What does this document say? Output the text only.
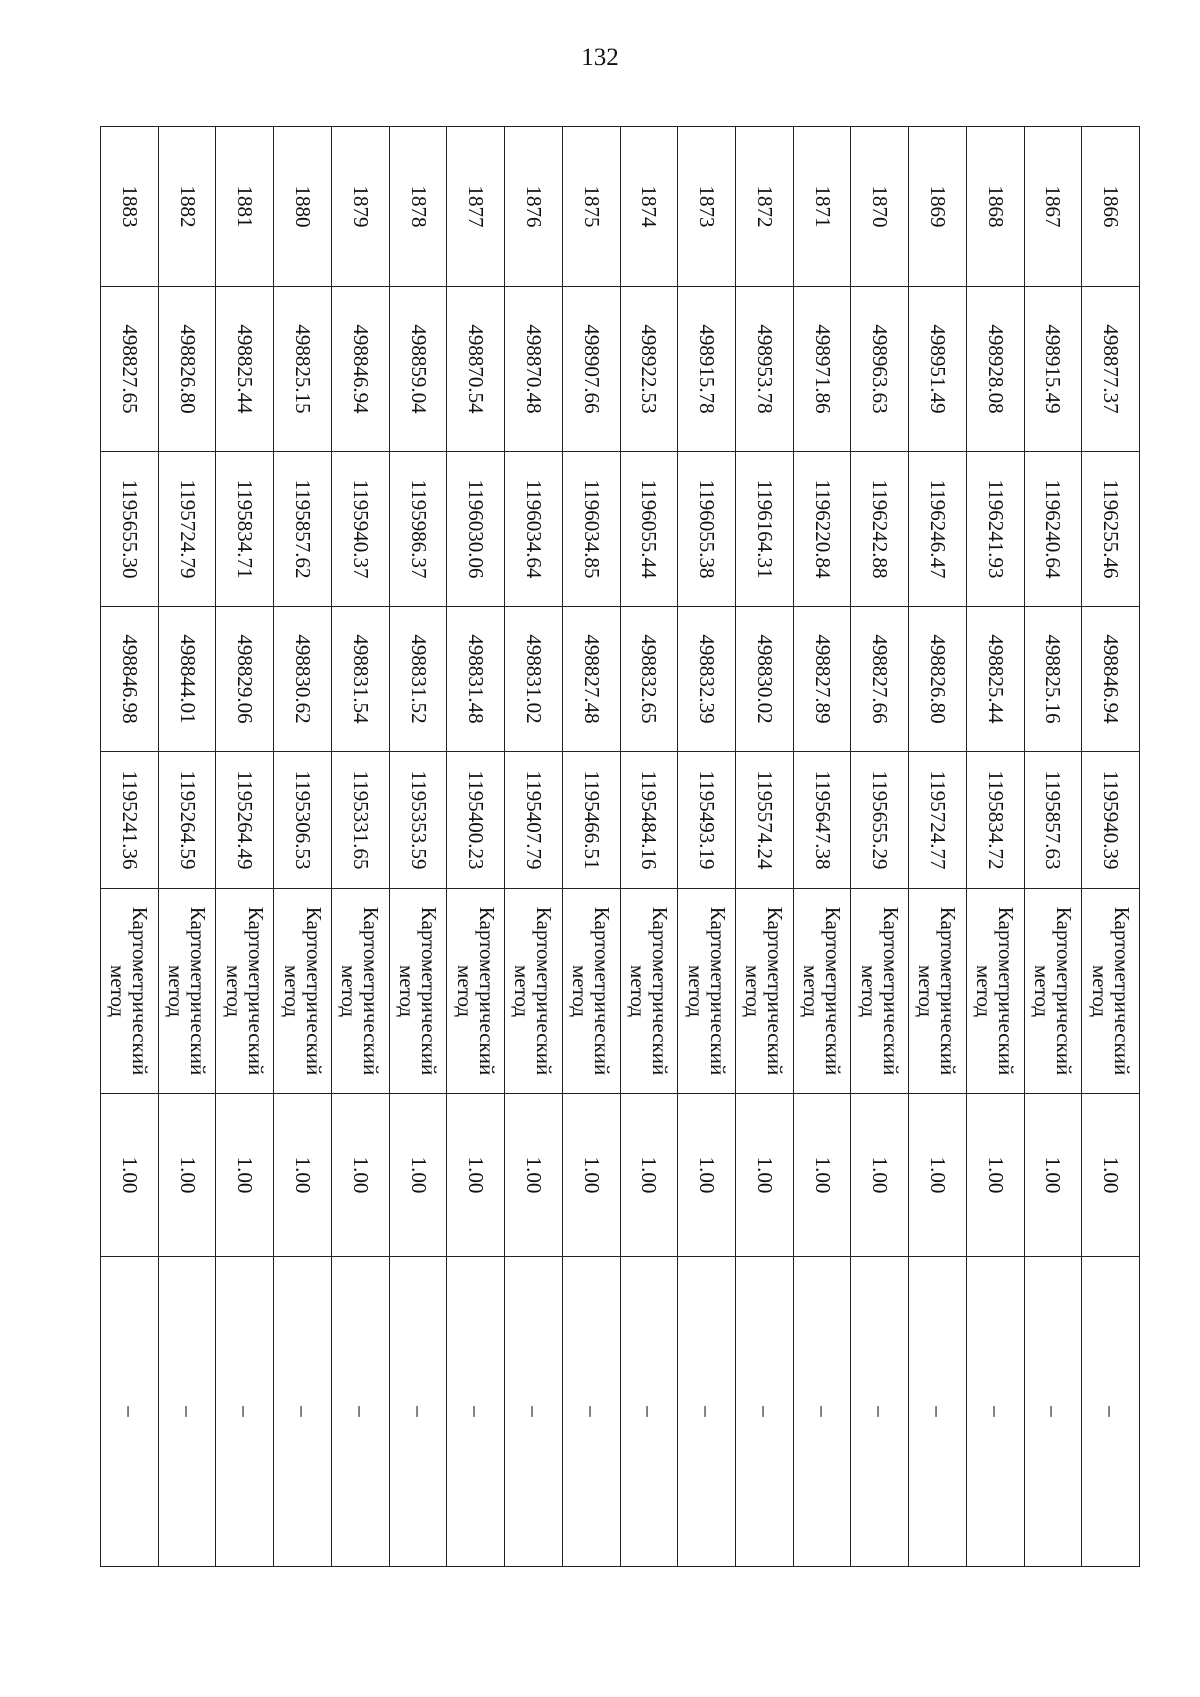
132
1866	498877.37	1196255.46	498846.94	1195940.39	Картометрический
метод	1.00	–
1867	498915.49	1196240.64	498825.16	1195857.63	Картометрический
метод	1.00	–
1868	498928.08	1196241.93	498825.44	1195834.72	Картометрический
метод	1.00	–
1869	498951.49	1196246.47	498826.80	1195724.77	Картометрический
метод	1.00	–
1870	498963.63	1196242.88	498827.66	1195655.29	Картометрический
метод	1.00	–
1871	498971.86	1196220.84	498827.89	1195647.38	Картометрический
метод	1.00	–
1872	498953.78	1196164.31	498830.02	1195574.24	Картометрический
метод	1.00	–
1873	498915.78	1196055.38	498832.39	1195493.19	Картометрический
метод	1.00	–
1874	498922.53	1196055.44	498832.65	1195484.16	Картометрический
метод	1.00	–
1875	498907.66	1196034.85	498827.48	1195466.51	Картометрический
метод	1.00	–
1876	498870.48	1196034.64	498831.02	1195407.79	Картометрический
метод	1.00	–
1877	498870.54	1196030.06	498831.48	1195400.23	Картометрический
метод	1.00	–
1878	498859.04	1195986.37	498831.52	1195353.59	Картометрический
метод	1.00	–
1879	498846.94	1195940.37	498831.54	1195331.65	Картометрический
метод	1.00	–
1880	498825.15	1195857.62	498830.62	1195306.53	Картометрический
метод	1.00	–
1881	498825.44	1195834.71	498829.06	1195264.49	Картометрический
метод	1.00	–
1882	498826.80	1195724.79	498844.01	1195264.59	Картометрический
метод	1.00	–
1883	498827.65	1195655.30	498846.98	1195241.36	Картометрический
метод	1.00	–
